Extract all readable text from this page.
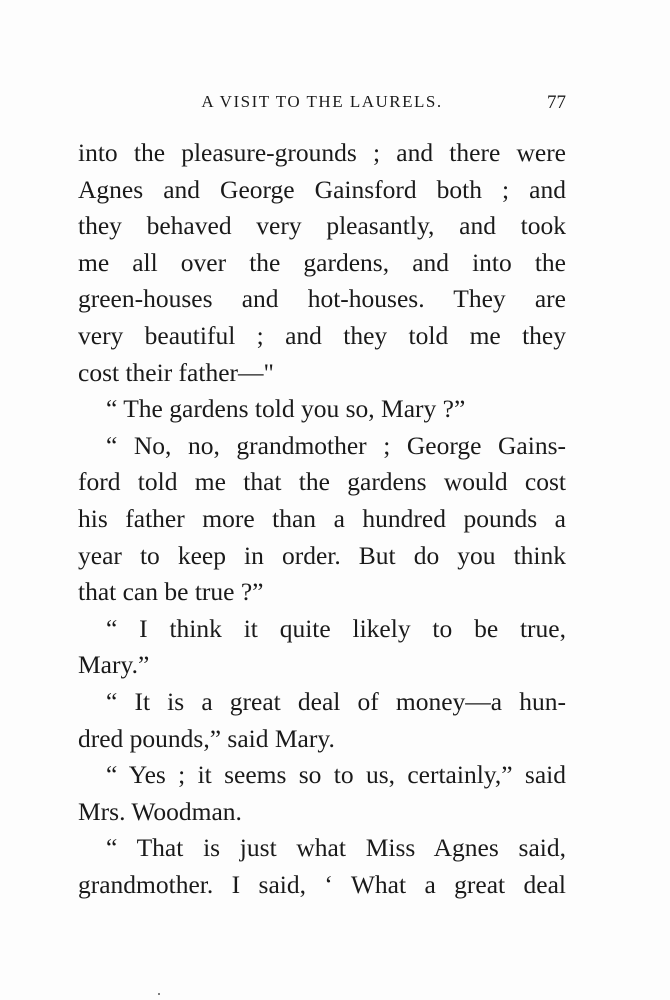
A VISIT TO THE LAURELS.	77
into the pleasure-grounds ; and there were
Agnes and George Gainsford both ; and
they behaved very pleasantly, and took
me all over the gardens, and into the
green-houses and hot-houses. They are
very beautiful ; and they told me they
cost their father—"
“ The gardens told you so, Mary ?”
“ No, no, grandmother ; George Gains-
ford told me that the gardens would cost
his father more than a hundred pounds a
year to keep in order. But do you think
that can be true ?”
“ I think it quite likely to be true,
Mary.”
“ It is a great deal of money—a hun-
dred pounds,” said Mary.
“ Yes ; it seems so to us, certainly,” said
Mrs. Woodman.
“ That is just what Miss Agnes said,
grandmother. I said, ‘ What a great deal
